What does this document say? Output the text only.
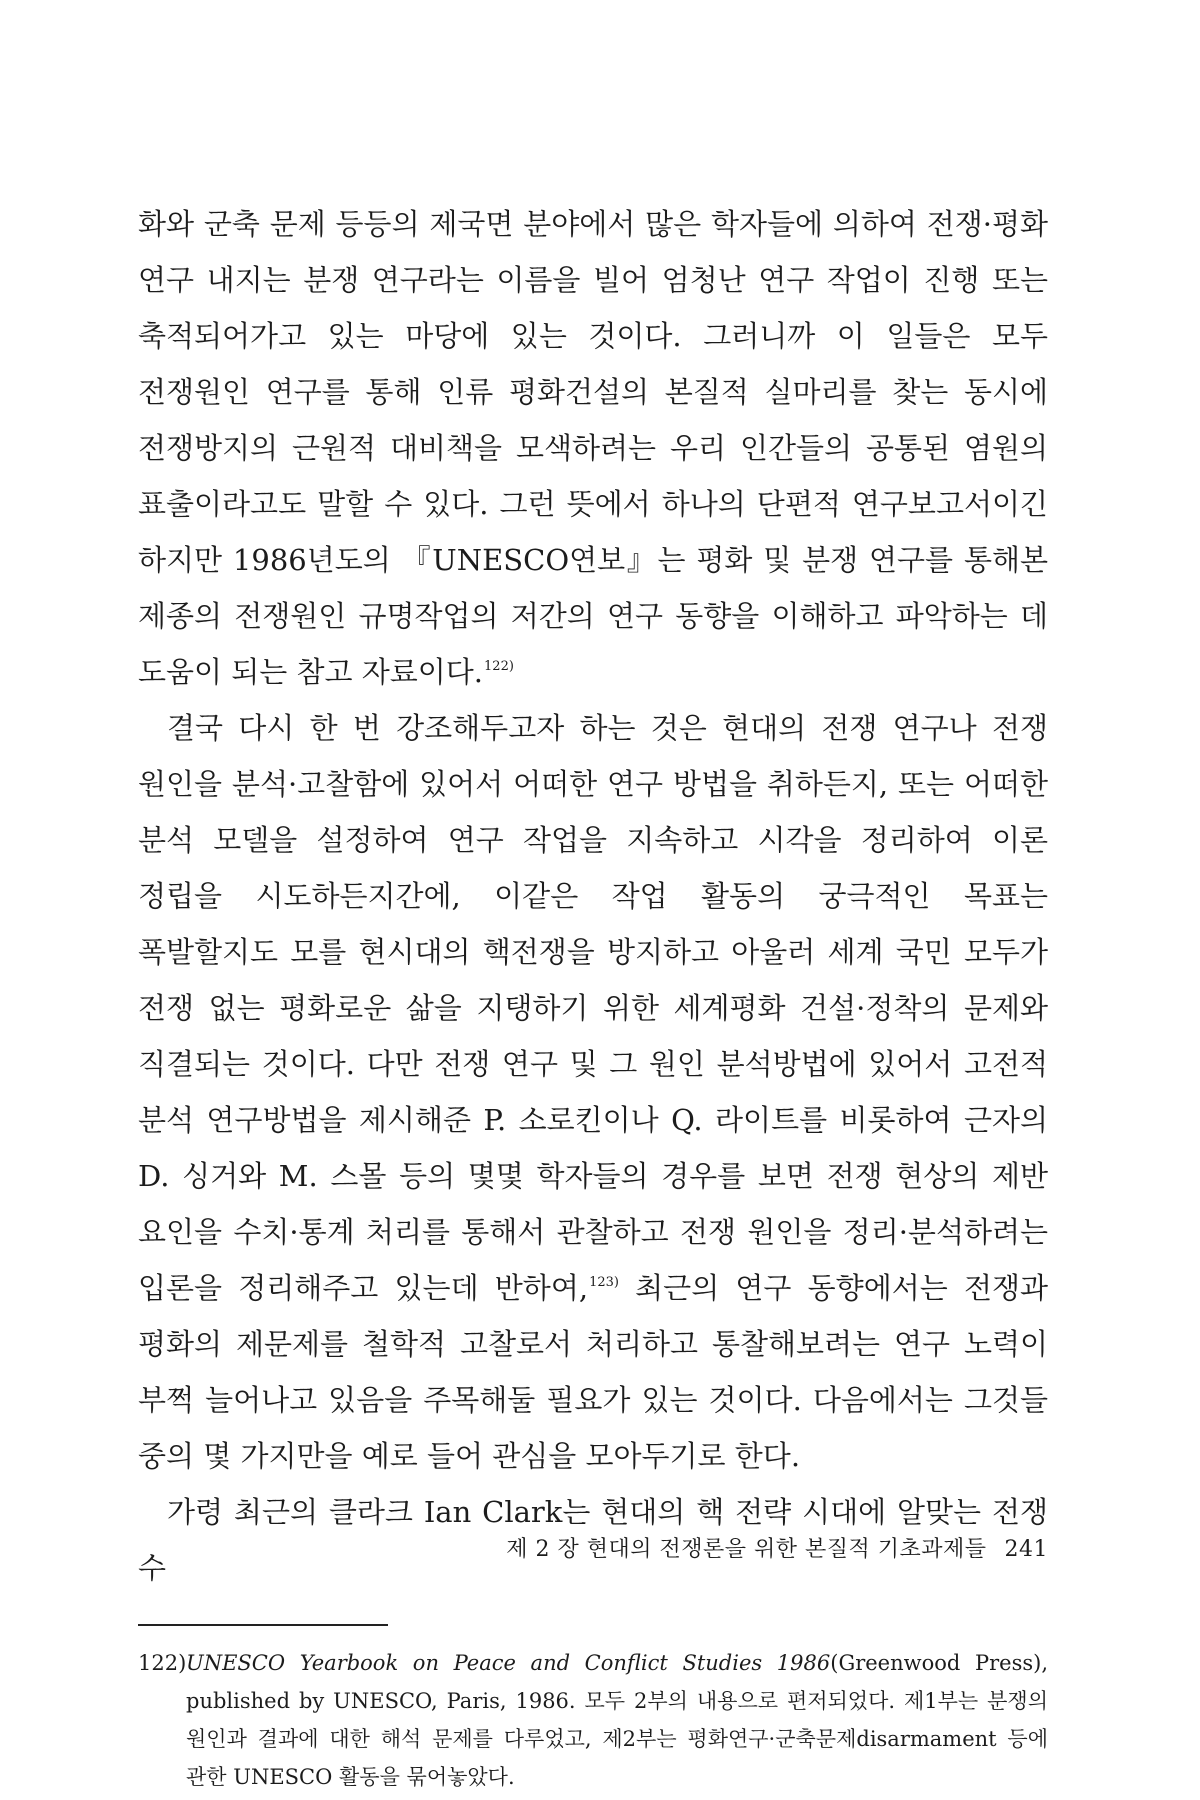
화와 군축 문제 등등의 제국면 분야에서 많은 학자들에 의하여 전쟁·평화 연구 내지는 분쟁 연구라는 이름을 빌어 엄청난 연구 작업이 진행 또는 축적되어가고 있는 마당에 있는 것이다. 그러니까 이 일들은 모두 전쟁원인 연구를 통해 인류 평화건설의 본질적 실마리를 찾는 동시에 전쟁방지의 근원적 대비책을 모색하려는 우리 인간들의 공통된 염원의 표출이라고도 말할 수 있다. 그런 뜻에서 하나의 단편적 연구보고서이긴 하지만 1986년도의 『UNESCO연보』는 평화 및 분쟁 연구를 통해본 제종의 전쟁원인 규명작업의 저간의 연구 동향을 이해하고 파악하는 데 도움이 되는 참고 자료이다.$^{122)}$

결국 다시 한 번 강조해두고자 하는 것은 현대의 전쟁 연구나 전쟁 원인을 분석·고찰함에 있어서 어떠한 연구 방법을 취하든지, 또는 어떠한 분석 모델을 설정하여 연구 작업을 지속하고 시각을 정리하여 이론 정립을 시도하든지간에, 이같은 작업 활동의 궁극적인 목표는 폭발할지도 모를 현시대의 핵전쟁을 방지하고 아울러 세계 국민 모두가 전쟁 없는 평화로운 삶을 지탱하기 위한 세계평화 건설·정착의 문제와 직결되는 것이다. 다만 전쟁 연구 및 그 원인 분석방법에 있어서 고전적 분석 연구방법을 제시해준 P. 소로킨이나 Q. 라이트를 비롯하여 근자의 D. 싱거와 M. 스몰 등의 몇몇 학자들의 경우를 보면 전쟁 현상의 제반 요인을 수치·통계 처리를 통해서 관찰하고 전쟁 원인을 정리·분석하려는 입론을 정리해주고 있는데 반하여,$^{123)}$ 최근의 연구 동향에서는 전쟁과 평화의 제문제를 철학적 고찰로서 처리하고 통찰해보려는 연구 노력이 부쩍 늘어나고 있음을 주목해둘 필요가 있는 것이다. 다음에서는 그것들 중의 몇 가지만을 예로 들어 관심을 모아두기로 한다.

가령 최근의 클라크 Ian Clark는 현대의 핵 전략 시대에 알맞는 전쟁 수

122) UNESCO Yearbook on Peace and Conflict Studies 1986(Greenwood Press), published by UNESCO, Paris, 1986. 모두 2부의 내용으로 편저되었다. 제1부는 분쟁의 원인과 결과에 대한 해석 문제를 다루었고, 제2부는 평화연구·군축문제disarmament 등에 관한 UNESCO 활동을 묶어놓았다.
제 2 장 현대의 전쟁론을 위한 본질적 기초과제들 241
